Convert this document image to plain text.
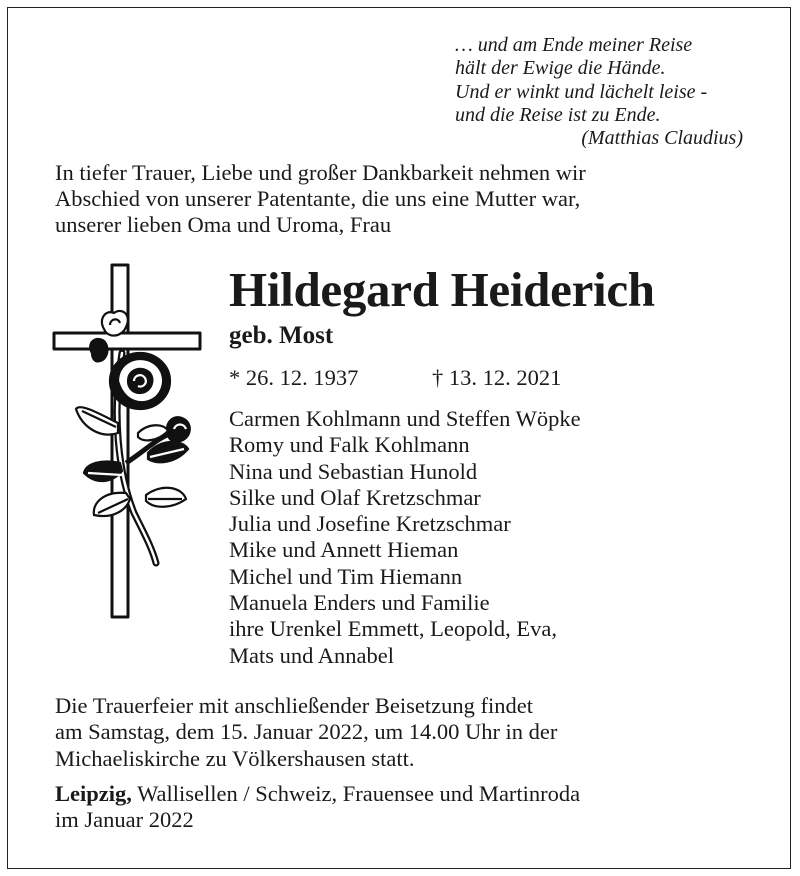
… und am Ende meiner Reise
hält der Ewige die Hände.
Und er winkt und lächelt leise -
und die Reise ist zu Ende.
(Matthias Claudius)
In tiefer Trauer, Liebe und großer Dankbarkeit nehmen wir
Abschied von unserer Patentante, die uns eine Mutter war,
unserer lieben Oma und Uroma, Frau
Hildegard Heiderich
geb. Most
* 26. 12. 1937	† 13. 12. 2021
Carmen Kohlmann und Steffen Wöpke
Romy und Falk Kohlmann
Nina und Sebastian Hunold
Silke und Olaf Kretzschmar
Julia und Josefine Kretzschmar
Mike und Annett Hieman
Michel und Tim Hiemann
Manuela Enders und Familie
ihre Urenkel Emmett, Leopold, Eva,
Mats und Annabel
Die Trauerfeier mit anschließender Beisetzung findet
am Samstag, dem 15. Januar 2022, um 14.00 Uhr in der
Michaeliskirche zu Völkershausen statt.
Leipzig, Wallisellen / Schweiz, Frauensee und Martinroda
im Januar 2022
